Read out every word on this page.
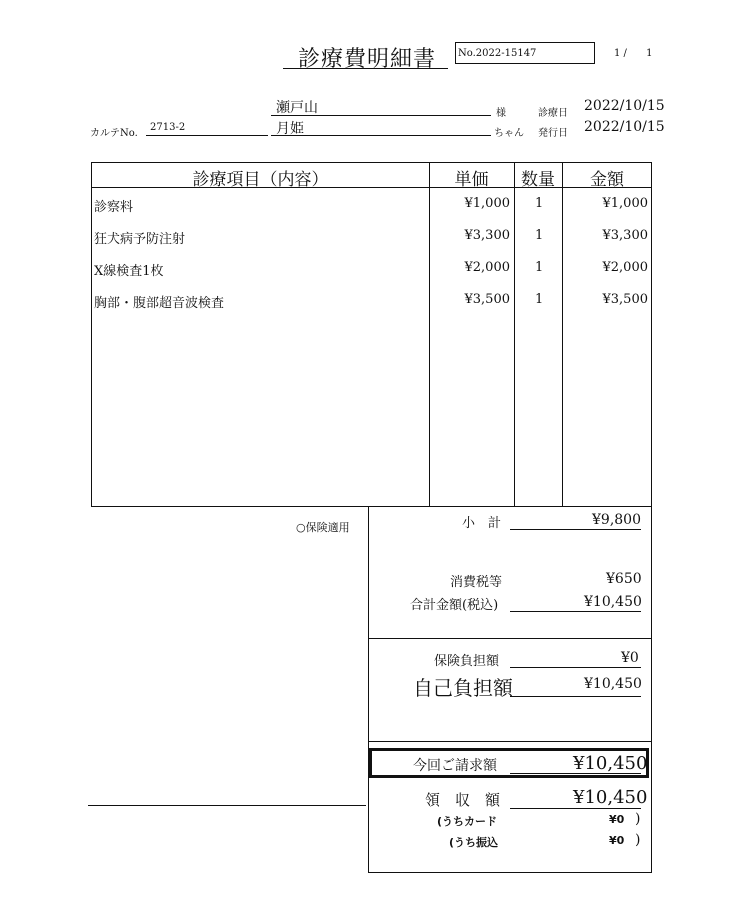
診療費明細書	No.2022-15147	1 / 1
瀬戸山	様	診療日 2022/10/15
カルテNo.
2713-2	月姫	ちゃん 発行日 2022/10/15
診療項目（内容）	単価	数量	金額
診察料	¥1,000 1	¥1,000
狂犬病予防注射	¥3,300 1	¥3,300
X線検査1枚	¥2,000 1	¥2,000
胸部・腹部超音波検査	¥3,500 1	¥3,500
○保険適用	小　計	¥9,800
消費税等	¥650
合計金額(税込)	¥10,450
保険負担額	¥0
自己負担額	¥10,450
今回ご請求額	¥10,450
領　収　額	¥10,450
(うちカード	¥0 )
(うち振込	¥0 )
